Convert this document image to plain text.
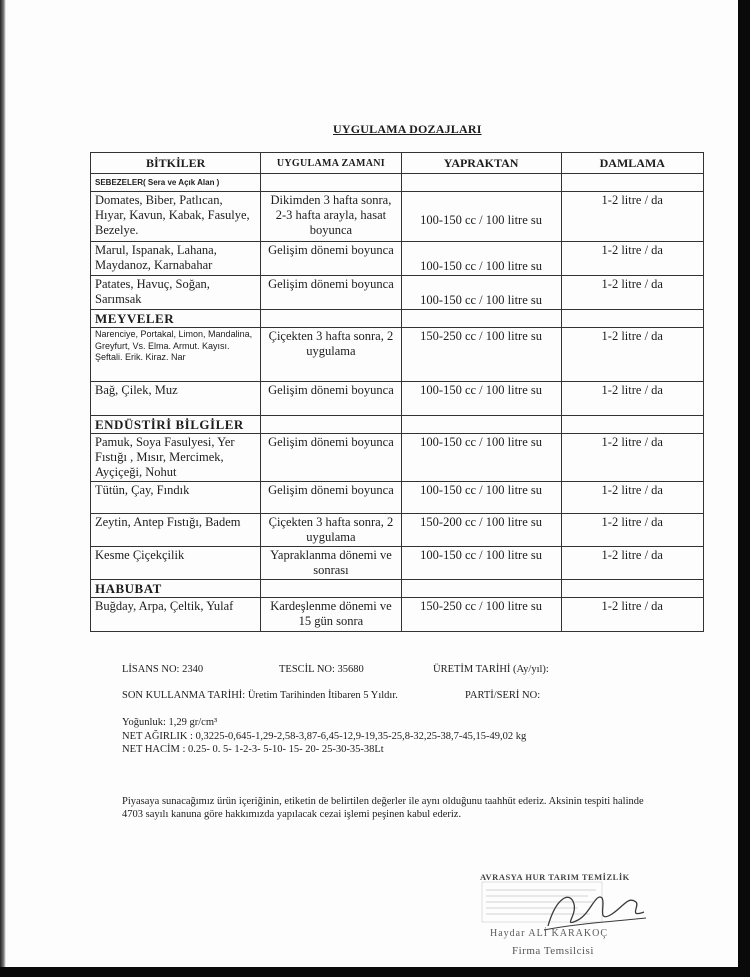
UYGULAMA DOZAJLARI
BİTKİLER	UYGULAMA ZAMANI	YAPRAKTAN	DAMLAMA
SEBEZELER( Sera ve Açık Alan )			
Domates, Biber, Patlıcan, Hıyar, Kavun, Kabak, Fasulye, Bezelye.	Dikimden 3 hafta sonra, 2-3 hafta arayla, hasat boyunca	100-150 cc / 100 litre su	1-2 litre / da
Marul, Ispanak, Lahana, Maydanoz, Karnabahar	Gelişim dönemi boyunca	100-150 cc / 100 litre su	1-2 litre / da
Patates, Havuç, Soğan, Sarımsak	Gelişim dönemi boyunca	100-150 cc / 100 litre su	1-2 litre / da
MEYVELER			
Narenciye, Portakal, Limon, Mandalina, Greyfurt, Vs. Elma. Armut. Kayısı. Şeftali. Erik. Kiraz. Nar	Çiçekten 3 hafta sonra, 2 uygulama	150-250 cc / 100 litre su	1-2 litre / da
Bağ, Çilek, Muz	Gelişim dönemi boyunca	100-150 cc / 100 litre su	1-2 litre / da
ENDÜSTİRİ BİLGİLER			
Pamuk, Soya Fasulyesi, Yer Fıstığı , Mısır, Mercimek, Ayçiçeği, Nohut	Gelişim dönemi boyunca	100-150 cc / 100 litre su	1-2 litre / da
Tütün, Çay, Fındık	Gelişim dönemi boyunca	100-150 cc / 100 litre su	1-2 litre / da
Zeytin, Antep Fıstığı, Badem	Çiçekten 3 hafta sonra, 2 uygulama	150-200 cc / 100 litre su	1-2 litre / da
Kesme Çiçekçilik	Yapraklanma dönemi ve sonrası	100-150 cc / 100 litre su	1-2 litre / da
HABUBAT			
Buğday, Arpa, Çeltik, Yulaf	Kardeşlenme dönemi ve 15 gün sonra	150-250 cc / 100 litre su	1-2 litre / da
LİSANS NO: 2340	TESCİL NO: 35680	ÜRETİM TARİHİ (Ay/yıl):
SON KULLANMA TARİHİ: Üretim Tarihinden İtibaren 5 Yıldır.	PARTİ/SERİ NO:
Yoğunluk: 1,29 gr/cm³
NET AĞIRLIK : 0,3225-0,645-1,29-2,58-3,87-6,45-12,9-19,35-25,8-32,25-38,7-45,15-49,02 kg
NET HACİM : 0.25- 0. 5- 1-2-3- 5-10- 15- 20- 25-30-35-38Lt
Piyasaya sunacağımız ürün içeriğinin, etiketin de belirtilen değerler ile aynı olduğunu taahhüt ederiz. Aksinin tespiti halinde 4703 sayılı kanuna göre hakkımızda yapılacak cezai işlemi peşinen kabul ederiz.
AVRASYA HUR TARIM TEMİZLİK
Haydar ALİ KARAKOÇ
Firma Temsilcisi
